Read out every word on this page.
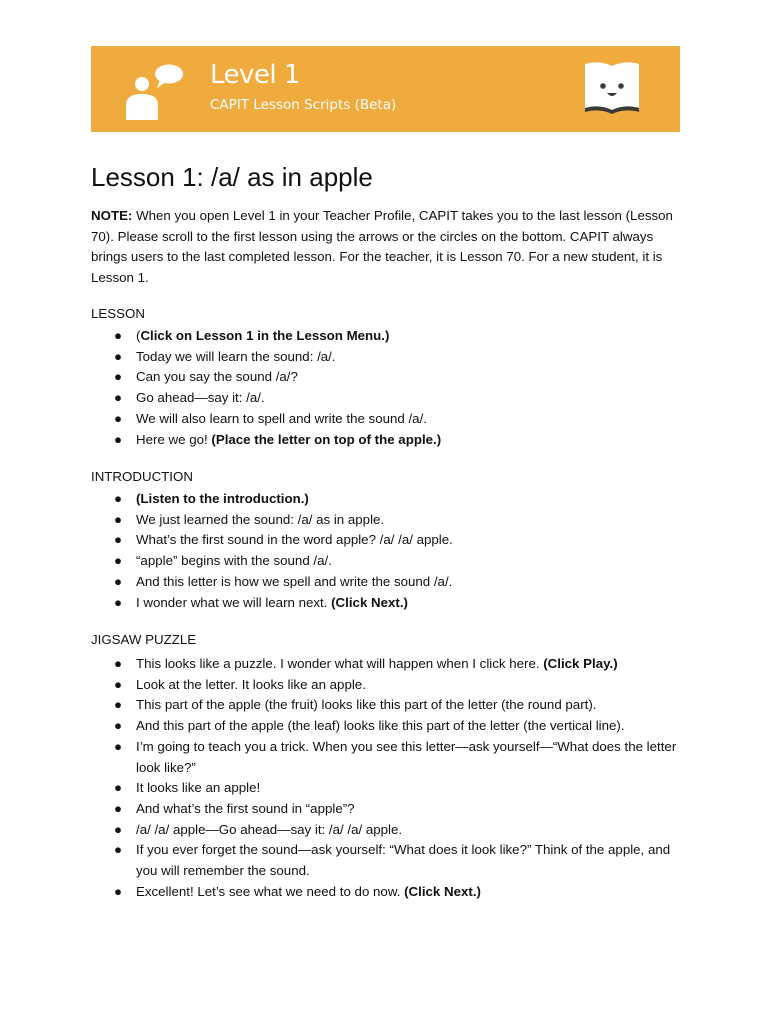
Level 1
CAPIT Lesson Scripts (Beta)
Lesson 1: /a/ as in apple

NOTE: When you open Level 1 in your Teacher Profile, CAPIT takes you to the last lesson (Lesson 70). Please scroll to the first lesson using the arrows or the circles on the bottom. CAPIT always brings users to the last completed lesson. For the teacher, it is Lesson 70. For a new student, it is Lesson 1.

LESSON
● (Click on Lesson 1 in the Lesson Menu.)
● Today we will learn the sound: /a/.
● Can you say the sound /a/?
● Go ahead—say it: /a/.
● We will also learn to spell and write the sound /a/.
● Here we go! (Place the letter on top of the apple.)
INTRODUCTION
● (Listen to the introduction.)
● We just learned the sound: /a/ as in apple.
● What’s the first sound in the word apple? /a/ /a/ apple.
● “apple” begins with the sound /a/.
● And this letter is how we spell and write the sound /a/.
● I wonder what we will learn next. (Click Next.)
JIGSAW PUZZLE
● This looks like a puzzle. I wonder what will happen when I click here. (Click Play.)
● Look at the letter. It looks like an apple.
● This part of the apple (the fruit) looks like this part of the letter (the round part).
● And this part of the apple (the leaf) looks like this part of the letter (the vertical line).
● I’m going to teach you a trick. When you see this letter—ask yourself—“What does the letter look like?”
● It looks like an apple!
● And what’s the first sound in “apple”?
● /a/ /a/ apple—Go ahead—say it: /a/ /a/ apple.
● If you ever forget the sound—ask yourself: “What does it look like?” Think of the apple, and you will remember the sound.
● Excellent! Let’s see what we need to do now. (Click Next.)
